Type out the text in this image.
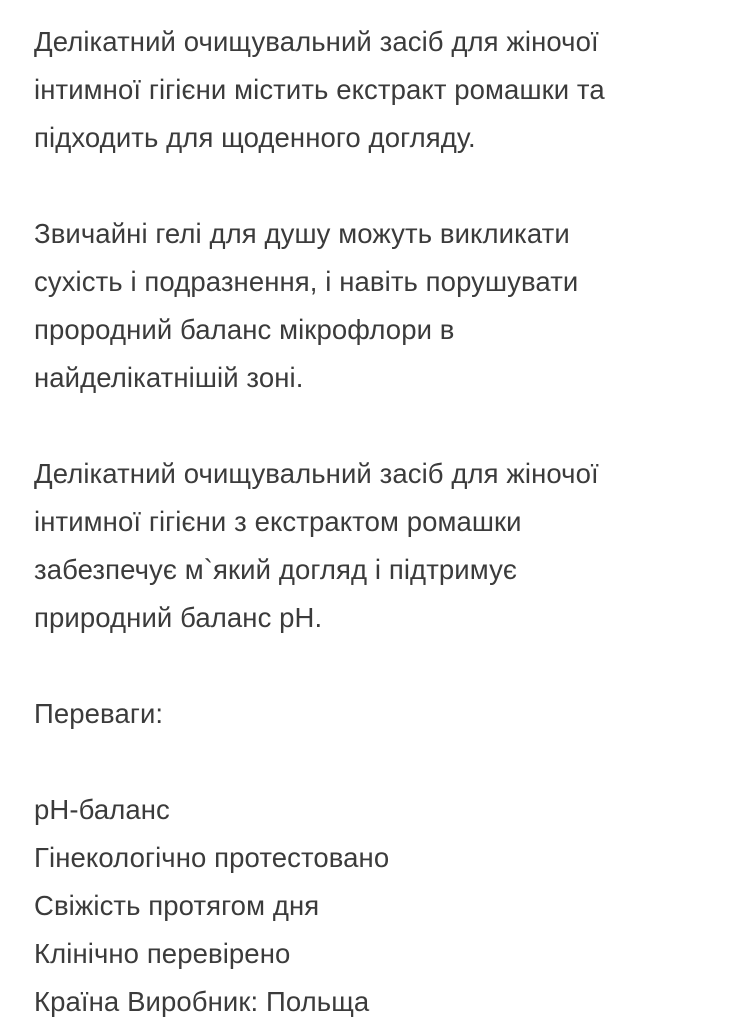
Делікатний очищувальний засіб для жіночої
інтимної гігієни містить екстракт ромашки та
підходить для щоденного догляду.

Звичайні гелі для душу можуть викликати
сухість і подразнення, і навіть порушувати
прородний баланс мікрофлори в
найделікатнішій зоні.

Делікатний очищувальний засіб для жіночої
інтимної гігієни з екстрактом ромашки
забезпечує м`який догляд і підтримує
природний баланс pH.

Переваги:

pH-баланс
Гінекологічно протестовано
Свіжість протягом дня
Клінічно перевірено
Країна Виробник: Польща
